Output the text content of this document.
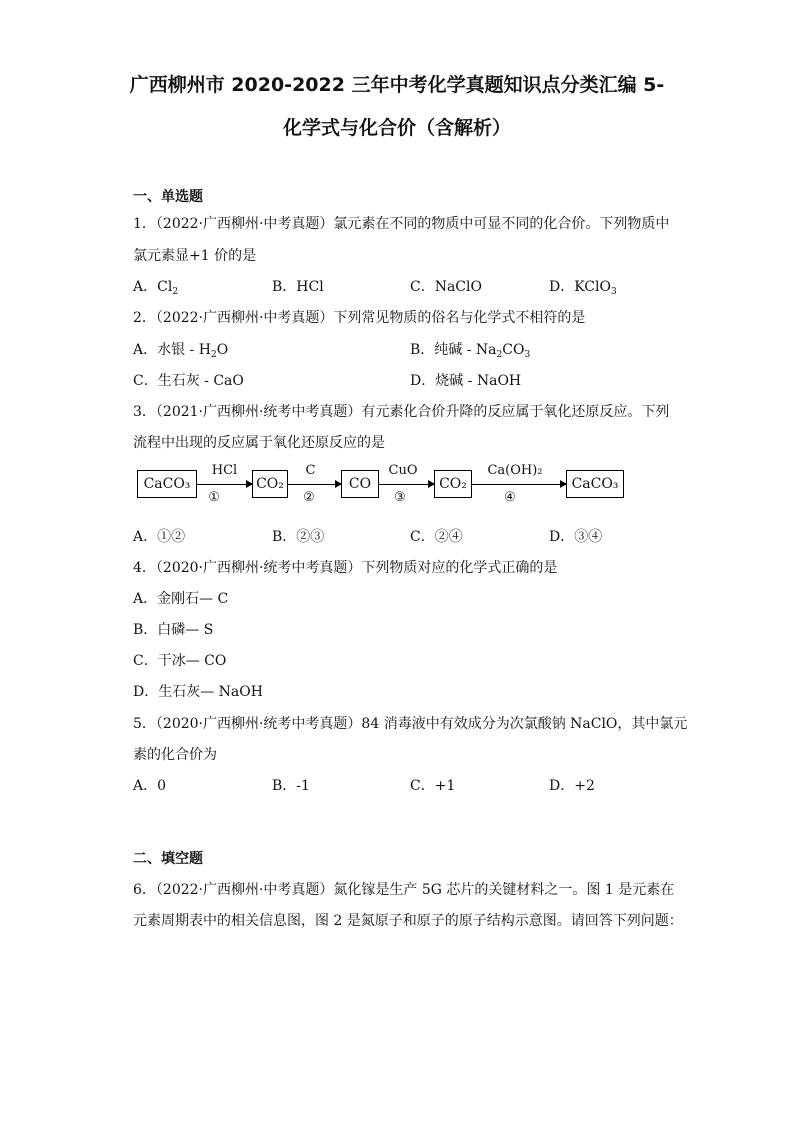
广西柳州市 2020-2022 三年中考化学真题知识点分类汇编 5-
化学式与化合价（含解析）
一、单选题
1．（2022·广西柳州·中考真题）氯元素在不同的物质中可显不同的化合价。下列物质中
氯元素显+1 价的是
A．$Cl_2$	B．HCl	C．NaClO	D．KClO$_3$
2．（2022·广西柳州·中考真题）下列常见物质的俗名与化学式不相符的是
A．水银 - $H_2O$	B．纯碱 - $Na_2CO_3$
C．生石灰 - CaO	D．烧碱 - NaOH
3．（2021·广西柳州·统考中考真题）有元素化合价升降的反应属于氧化还原反应。下列
流程中出现的反应属于氧化还原反应的是
CaCO₃
HCl
①
CO₂
C
②
CO
CuO
③
CO₂
Ca(OH)₂
④
CaCO₃
A．①②	B．②③	C．②④	D．③④
4．（2020·广西柳州·统考中考真题）下列物质对应的化学式正确的是
A．金刚石— C
B．白磷— S
C．干冰— CO
D．生石灰— NaOH
5．（2020·广西柳州·统考中考真题）84 消毒液中有效成分为次氯酸钠 NaClO，其中氯元
素的化合价为
A．0	B．-1	C．+1	D．+2
二、填空题
6．（2022·广西柳州·中考真题）氮化镓是生产 5G 芯片的关键材料之一。图 1 是元素在
元素周期表中的相关信息图，图 2 是氮原子和原子的原子结构示意图。请回答下列问题：
